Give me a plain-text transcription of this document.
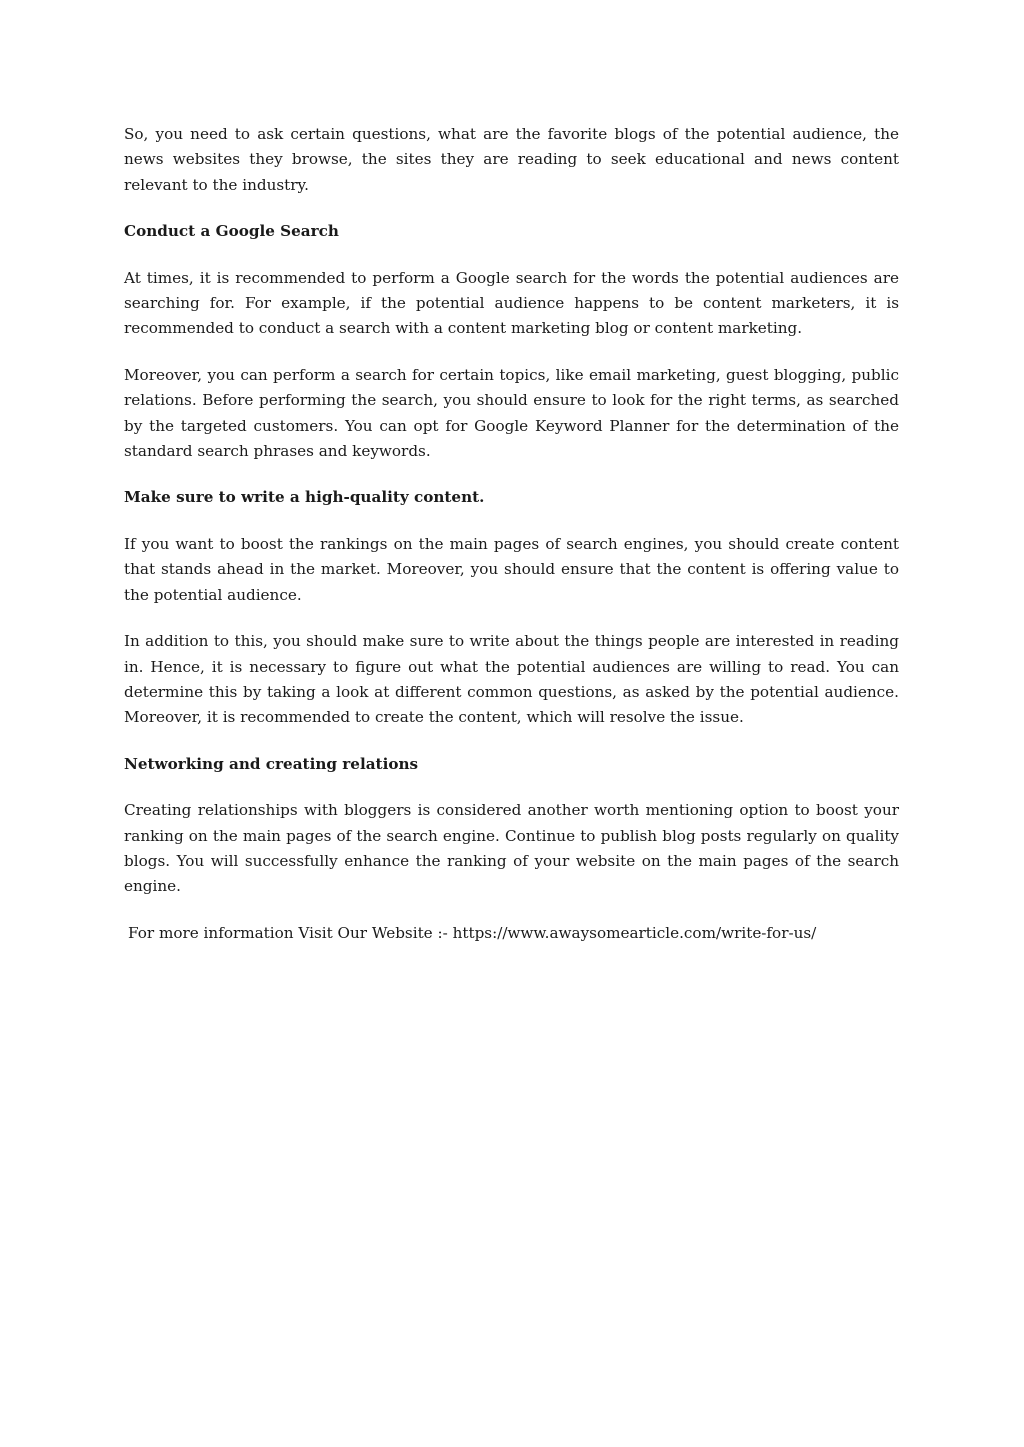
So, you need to ask certain questions, what are the favorite blogs of the potential audience, the news websites they browse, the sites they are reading to seek educational and news content relevant to the industry.

Conduct a Google Search

At times, it is recommended to perform a Google search for the words the potential audiences are searching for. For example, if the potential audience happens to be content marketers, it is recommended to conduct a search with a content marketing blog or content marketing.

Moreover, you can perform a search for certain topics, like email marketing, guest blogging, public relations. Before performing the search, you should ensure to look for the right terms, as searched by the targeted customers. You can opt for Google Keyword Planner for the determination of the standard search phrases and keywords.

Make sure to write a high-quality content.

If you want to boost the rankings on the main pages of search engines, you should create content that stands ahead in the market. Moreover, you should ensure that the content is offering value to the potential audience.

In addition to this, you should make sure to write about the things people are interested in reading in. Hence, it is necessary to figure out what the potential audiences are willing to read. You can determine this by taking a look at different common questions, as asked by the potential audience. Moreover, it is recommended to create the content, which will resolve the issue.

Networking and creating relations

Creating relationships with bloggers is considered another worth mentioning option to boost your ranking on the main pages of the search engine. Continue to publish blog posts regularly on quality blogs. You will successfully enhance the ranking of your website on the main pages of the search engine.

For more information Visit Our Website :- https://www.awaysomearticle.com/write-for-us/
